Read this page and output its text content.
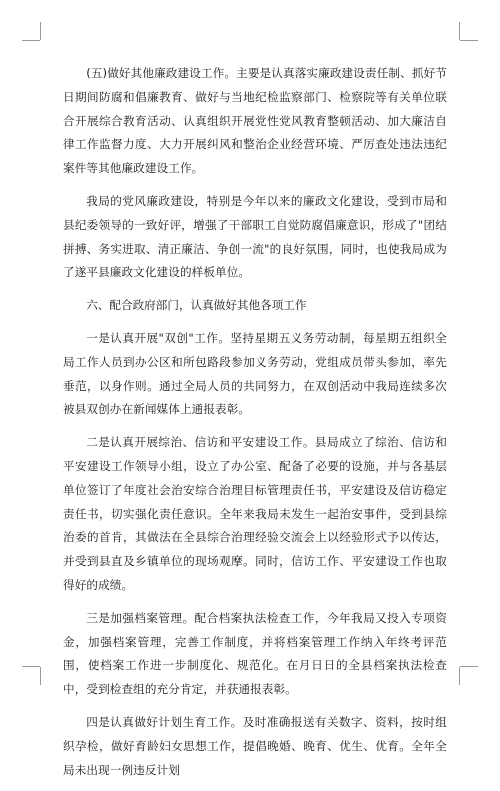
(五)做好其他廉政建设工作。主要是认真落实廉政建设责任制、抓好节日期间防腐和倡廉教育、做好与当地纪检监察部门、检察院等有关单位联合开展综合教育活动、认真组织开展党性党风教育整顿活动、加大廉洁自律工作监督力度、大力开展纠风和整治企业经营环境、严厉查处违法违纪案件等其他廉政建设工作。

我局的党风廉政建设，特别是今年以来的廉政文化建设，受到市局和县纪委领导的一致好评，增强了干部职工自觉防腐倡廉意识，形成了"团结拼搏、务实进取、清正廉洁、争创一流"的良好氛围，同时，也使我局成为了遂平县廉政文化建设的样板单位。

六、配合政府部门，认真做好其他各项工作

一是认真开展"双创"工作。坚持星期五义务劳动制，每星期五组织全局工作人员到办公区和所包路段参加义务劳动，党组成员带头参加，率先垂范，以身作则。通过全局人员的共同努力，在双创活动中我局连续多次被县双创办在新闻媒体上通报表彰。

二是认真开展综治、信访和平安建设工作。县局成立了综治、信访和平安建设工作领导小组，设立了办公室、配备了必要的设施，并与各基层单位签订了年度社会治安综合治理目标管理责任书，平安建设及信访稳定责任书，切实强化责任意识。全年来我局未发生一起治安事件，受到县综治委的首肯，其做法在全县综合治理经验交流会上以经验形式予以传达，并受到县直及乡镇单位的现场观摩。同时，信访工作、平安建设工作也取得好的成绩。

三是加强档案管理。配合档案执法检查工作，今年我局又投入专项资金，加强档案管理，完善工作制度，并将档案管理工作纳入年终考评范围，使档案工作进一步制度化、规范化。在月日日的全县档案执法检查中，受到检查组的充分肯定，并获通报表彰。

四是认真做好计划生育工作。及时准确报送有关数字、资料，按时组织孕检，做好育龄妇女思想工作，提倡晚婚、晚育、优生、优育。全年全局未出现一例违反计划
